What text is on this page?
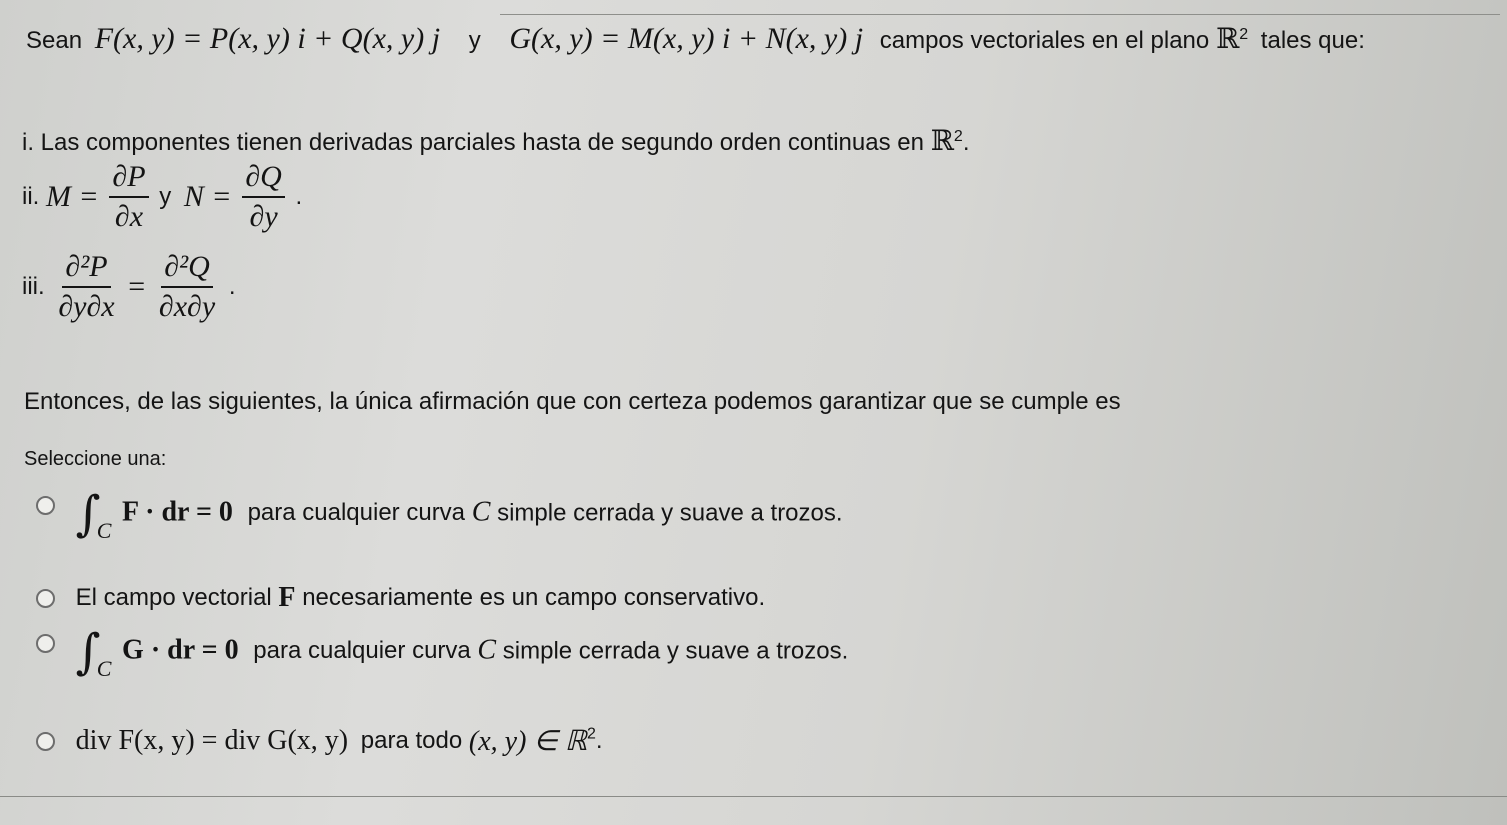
Sean F(x, y) = P(x, y) i + Q(x, y) j y G(x, y) = M(x, y) i + N(x, y) j campos vectoriales en el plano ℝ$^2$ tales que:
i. Las componentes tienen derivadas parciales hasta de segundo orden continuas en ℝ$^2$.
ii. $M = \frac{\partial P}{\partial x}$ y $N = \frac{\partial Q}{\partial y}$ .
iii. $\frac{\text{∂²P}}{\partial y\partial x} = \frac{\text{∂²Q}}{\partial x\partial y}$ .
Entonces, de las siguientes, la única afirmación que con certeza podemos garantizar que se cumple es
Seleccione una:
∫C F · dr = 0 para cualquier curva C simple cerrada y suave a trozos.
El campo vectorial F necesariamente es un campo conservativo.
∫C G · dr = 0 para cualquier curva C simple cerrada y suave a trozos.
div F(x, y) = div G(x, y) para todo (x, y) ∈ ℝ$^2$.
